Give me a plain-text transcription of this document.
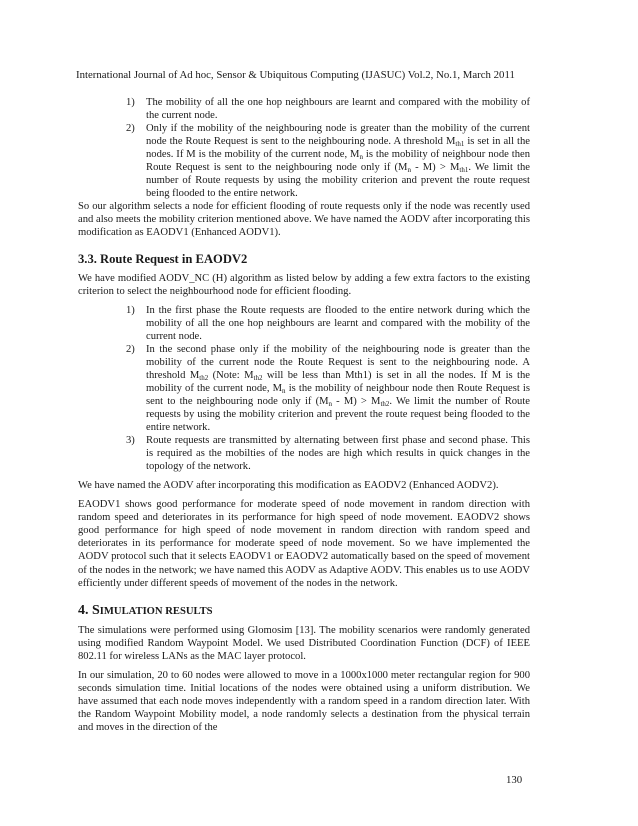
International Journal of Ad hoc, Sensor & Ubiquitous Computing (IJASUC) Vol.2, No.1, March 2011
1) The mobility of all the one hop neighbours are learnt and compared with the mobility of the current node.
2) Only if the mobility of the neighbouring node is greater than the mobility of the current node the Route Request is sent to the neighbouring node. A threshold $M_{th1}$ is set in all the nodes. If M is the mobility of the current node, $M_n$ is the mobility of neighbour node then Route Request is sent to the neighbouring node only if $(M_n - M) > M_{th1}$. We limit the number of Route requests by using the mobility criterion and prevent the route request being flooded to the entire network.

So our algorithm selects a node for efficient flooding of route requests only if the node was recently used and also meets the mobility criterion mentioned above. We have named the AODV after incorporating this modification as EAODV1 (Enhanced AODV1).

3.3. Route Request in EAODV2

We have modified AODV_NC (H) algorithm as listed below by adding a few extra factors to the existing criterion to select the neighbourhood node for efficient flooding.

1) In the first phase the Route requests are flooded to the entire network during which the mobility of all the one hop neighbours are learnt and compared with the mobility of the current node.
2) In the second phase only if the mobility of the neighbouring node is greater than the mobility of the current node the Route Request is sent to the neighbouring node. A threshold $M_{th2}$ (Note: $M_{th2}$ will be less than Mth1) is set in all the nodes. If M is the mobility of the current node, $M_n$ is the mobility of neighbour node then Route Request is sent to the neighbouring node only if $(M_n - M) > M_{th2}$. We limit the number of Route requests by using the mobility criterion and prevent the route request being flooded to the entire network.
3) Route requests are transmitted by alternating between first phase and second phase. This is required as the mobilties of the nodes are high which results in quick changes in the topology of the network.

We have named the AODV after incorporating this modification as EAODV2 (Enhanced AODV2).

EAODV1 shows good performance for moderate speed of node movement in random direction with random speed and deteriorates in its performance for high speed of node movement. EAODV2 shows good performance for high speed of node movement in random direction with random speed and deteriorates in its performance for moderate speed of node movement. So we have implemented the AODV protocol such that it selects EAODV1 or EAODV2 automatically based on the speed of movement of the nodes in the network; we have named this AODV as Adaptive AODV. This enables us to use AODV efficiently under different speeds of movement of the nodes in the network.

4. SIMULATION RESULTS

The simulations were performed using Glomosim [13]. The mobility scenarios were randomly generated using modified Random Waypoint Model. We used Distributed Coordination Function (DCF) of IEEE 802.11 for wireless LANs as the MAC layer protocol.

In our simulation, 20 to 60 nodes were allowed to move in a 1000x1000 meter rectangular region for 900 seconds simulation time. Initial locations of the nodes were obtained using a uniform distribution. We have assumed that each node moves independently with a random speed in a random direction later. With the Random Waypoint Mobility model, a node randomly selects a destination from the physical terrain and moves in the direction of the

130
